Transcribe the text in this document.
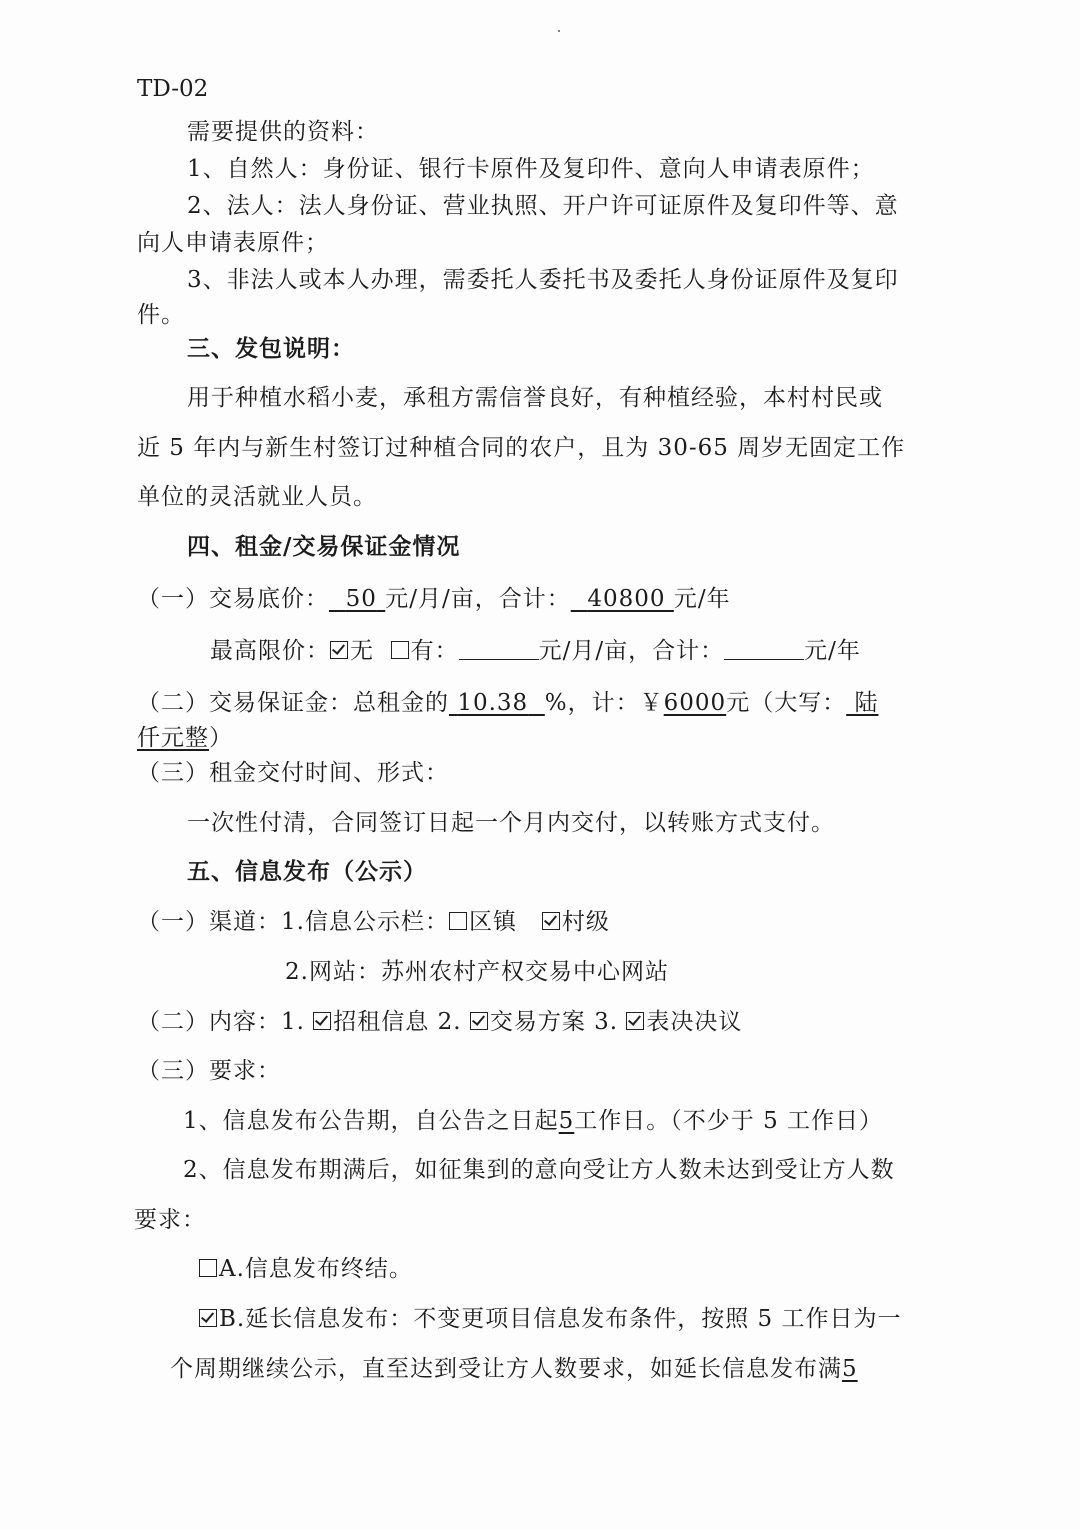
TD-02
需要提供的资料：
1、自然人：身份证、银行卡原件及复印件、意向人申请表原件；
2、法人：法人身份证、营业执照、开户许可证原件及复印件等、意
向人申请表原件；
3、非法人或本人办理，需委托人委托书及委托人身份证原件及复印
件。
三、发包说明：
用于种植水稻小麦，承租方需信誉良好，有种植经验，本村村民或
近 5 年内与新生村签订过种植合同的农户，且为 30-65 周岁无固定工作
单位的灵活就业人员。
四、租金/交易保证金情况
（一）交易底价： 50 元/月/亩，合计： 40800 元/年
最高限价： 无 有：	元/月/亩，合计：	元/年
（二）交易保证金：总租金的 10.38 %，计：￥6000元（大写： 陆
仟元整）
（三）租金交付时间、形式：
一次性付清，合同签订日起一个月内交付，以转账方式支付。
五、信息发布（公示）
（一）渠道：1.信息公示栏： 区镇 村级
2.网站：苏州农村产权交易中心网站
（二）内容：1. 招租信息 2. 交易方案 3. 表决决议
（三）要求：
1、信息发布公告期，自公告之日起5工作日。（不少于 5 工作日）
2、信息发布期满后，如征集到的意向受让方人数未达到受让方人数
要求：
A.信息发布终结。
B.延长信息发布：不变更项目信息发布条件，按照 5 工作日为一
个周期继续公示，直至达到受让方人数要求，如延长信息发布满5
